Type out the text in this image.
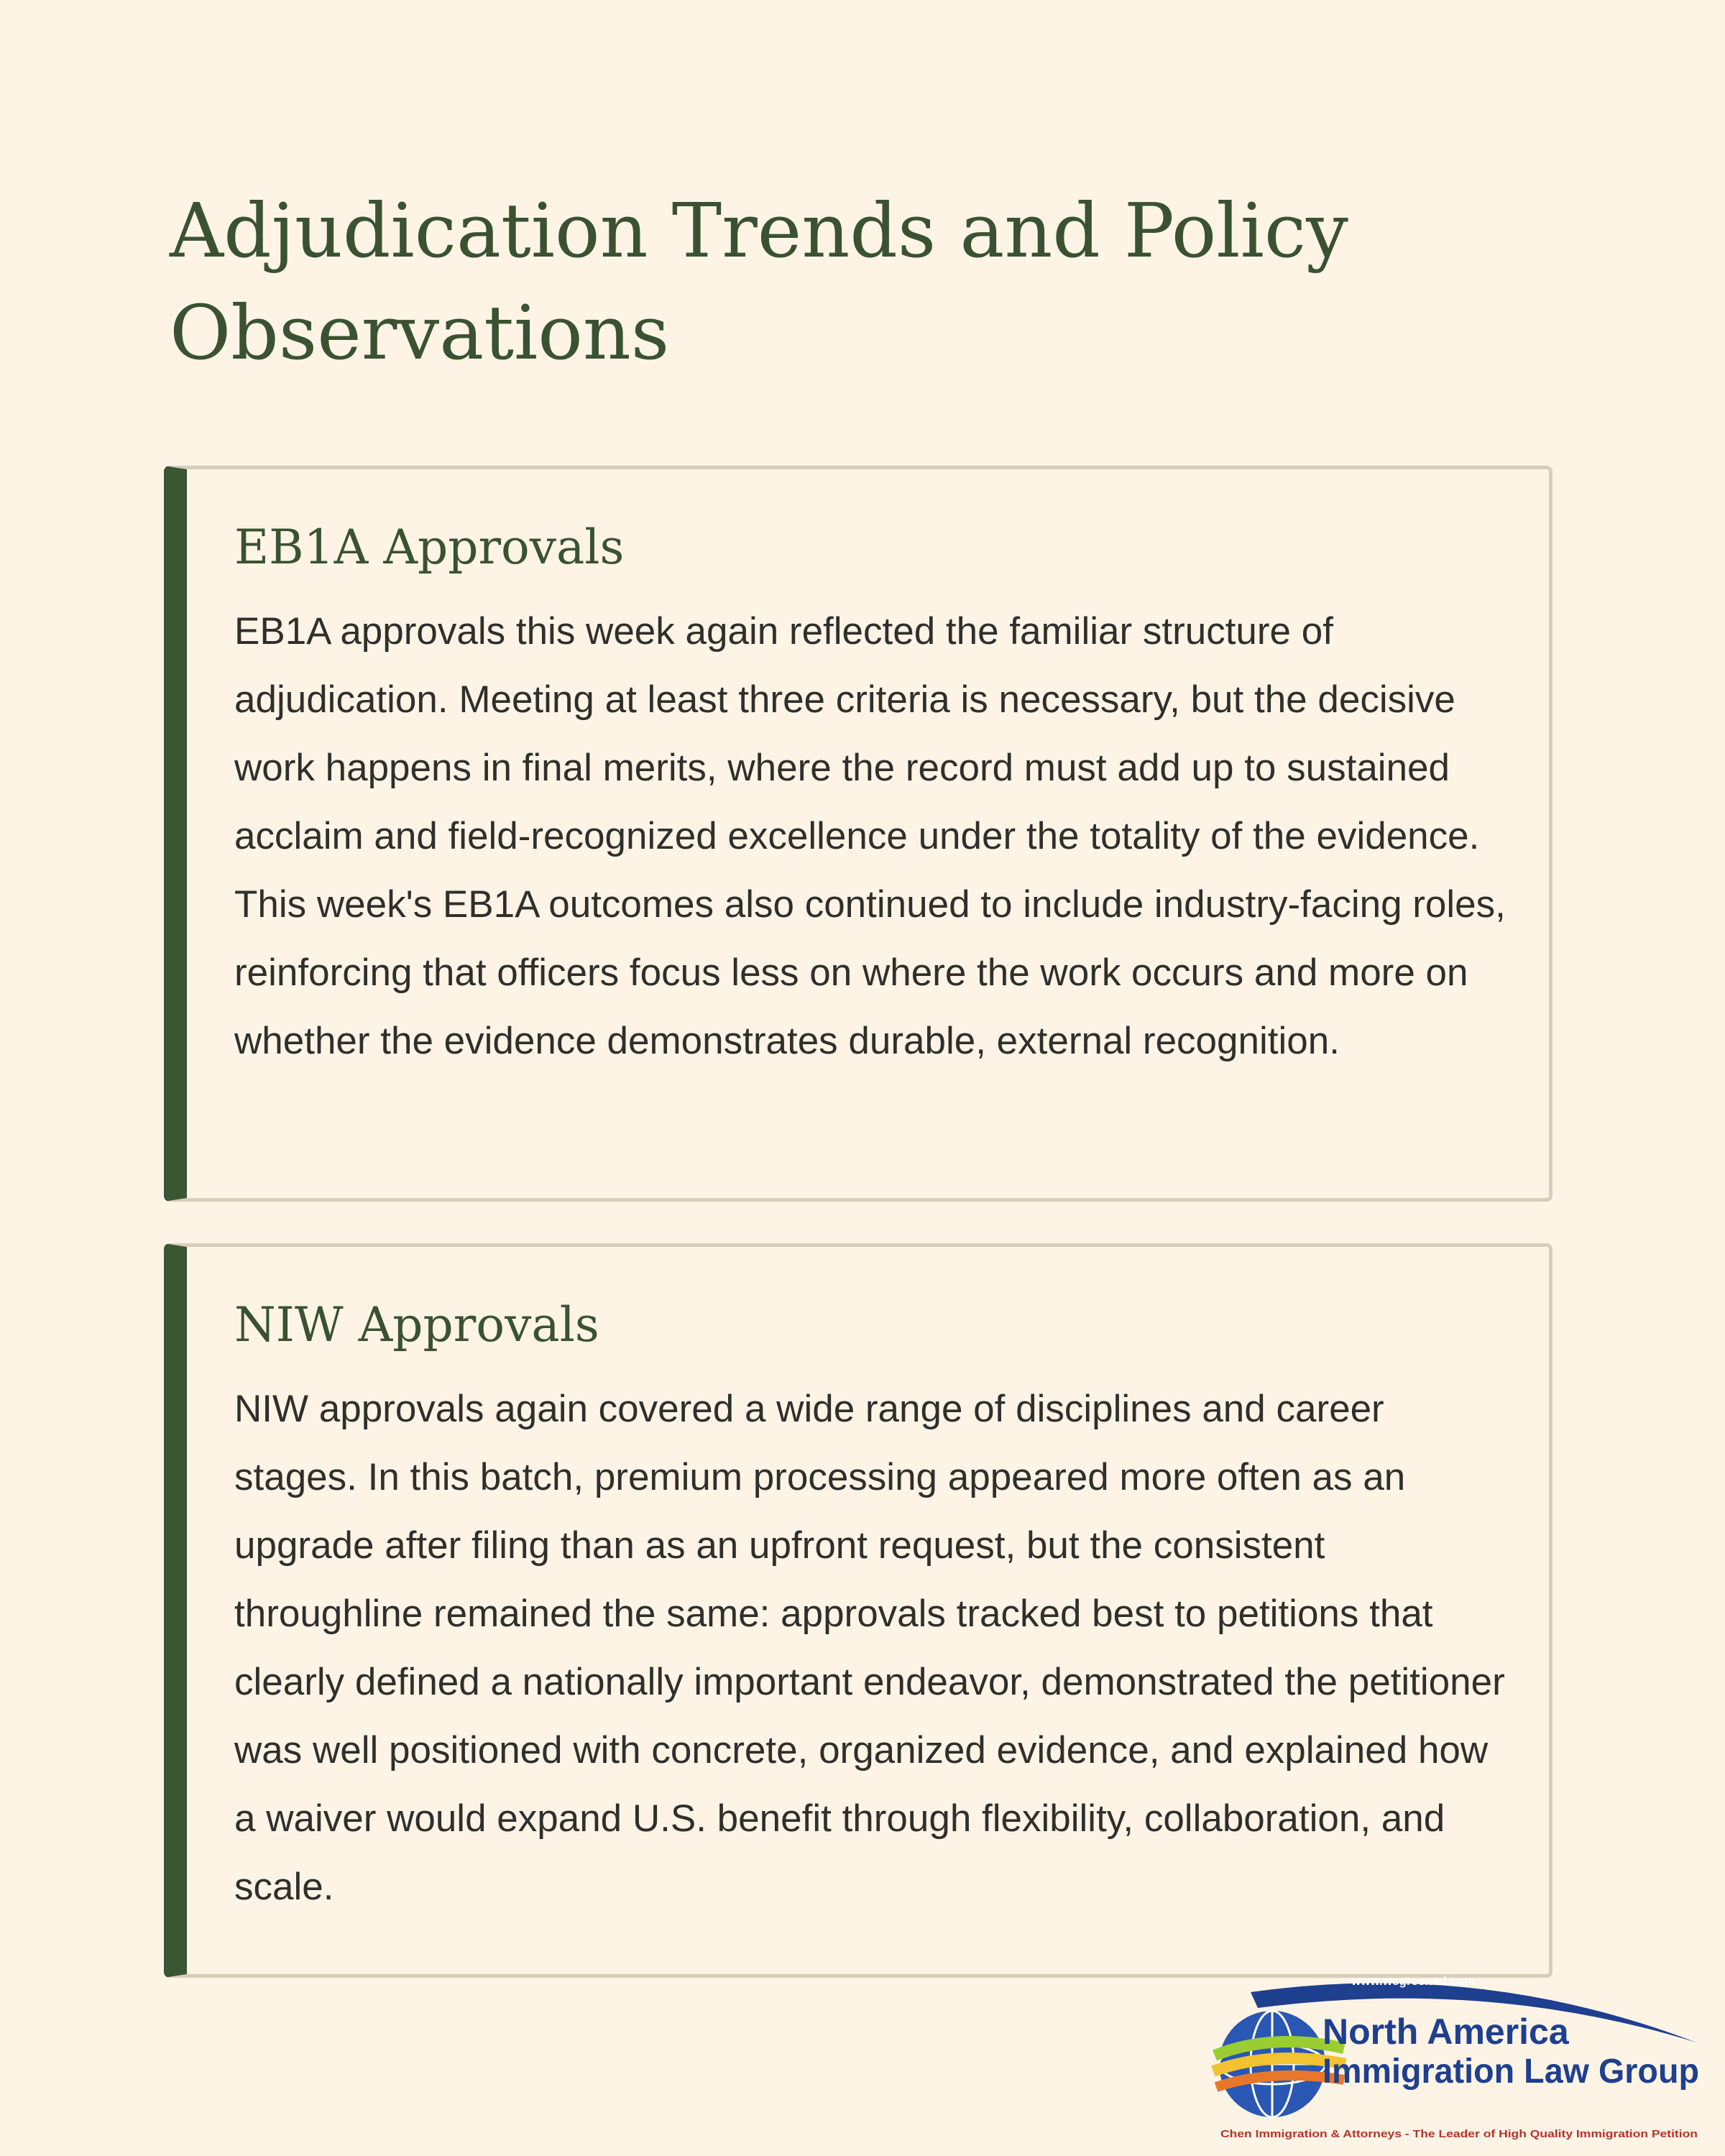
Adjudication Trends and Policy Observations
EB1A Approvals

EB1A approvals this week again reflected the familiar structure of adjudication. Meeting at least three criteria is necessary, but the decisive work happens in final merits, where the record must add up to sustained acclaim and field-recognized excellence under the totality of the evidence. This week's EB1A outcomes also continued to include industry-facing roles, reinforcing that officers focus less on where the work occurs and more on whether the evidence demonstrates durable, external recognition.

NIW Approvals

NIW approvals again covered a wide range of disciplines and career stages. In this batch, premium processing appeared more often as an upgrade after filing than as an upfront request, but the consistent throughline remained the same: approvals tracked best to petitions that clearly defined a nationally important endeavor, demonstrated the petitioner was well positioned with concrete, organized evidence, and explained how a waiver would expand U.S. benefit through flexibility, collaboration, and scale.

www.wegreened.com
North America
Immigration Law Group
Chen Immigration & Attorneys - The Leader of High Quality Immigration Petition
